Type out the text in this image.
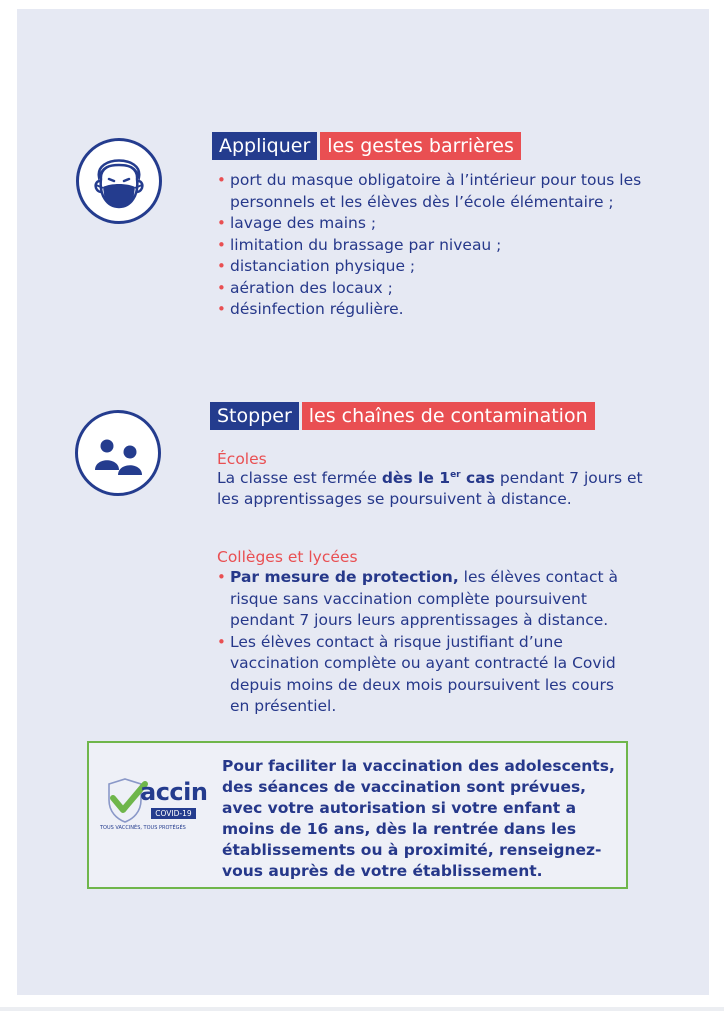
Appliquer les gestes barrières
• port du masque obligatoire à l’intérieur pour tous les personnels et les élèves dès l’école élémentaire ;
• lavage des mains ;
• limitation du brassage par niveau ;
• distanciation physique ;
• aération des locaux ;
• désinfection régulière.
Stopper les chaînes de contamination
Écoles
La classe est fermée dès le 1er cas pendant 7 jours et les apprentissages se poursuivent à distance.
Collèges et lycées
• Par mesure de protection, les élèves contact à risque sans vaccination complète poursuivent pendant 7 jours leurs apprentissages à distance.
• Les élèves contact à risque justifiant d’une vaccination complète ou ayant contracté la Covid depuis moins de deux mois poursuivent les cours en présentiel.
accin
COVID-19
TOUS VACCINÉS, TOUS PROTÉGÉS
Pour faciliter la vaccination des adolescents, des séances de vaccination sont prévues, avec votre autorisation si votre enfant a moins de 16 ans, dès la rentrée dans les établissements ou à proximité, renseignez-vous auprès de votre établissement.
